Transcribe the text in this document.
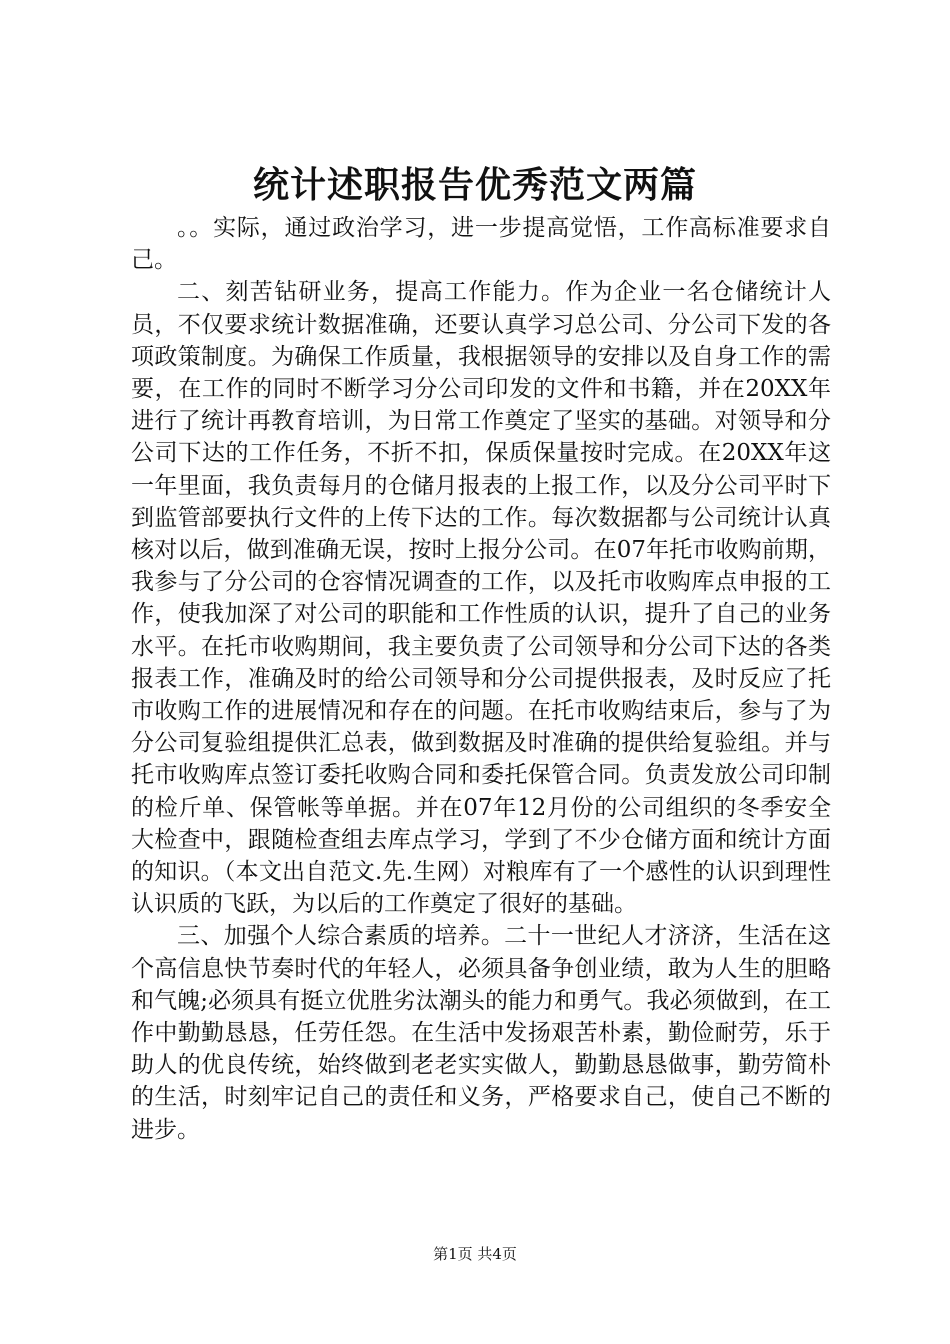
统计述职报告优秀范文两篇

。。实际，通过政治学习，进一步提高觉悟，工作高标准要求自己。

二、刻苦钻研业务，提高工作能力。作为企业一名仓储统计人员，不仅要求统计数据准确，还要认真学习总公司、分公司下发的各项政策制度。为确保工作质量，我根据领导的安排以及自身工作的需要，在工作的同时不断学习分公司印发的文件和书籍，并在20XX年进行了统计再教育培训，为日常工作奠定了坚实的基础。对领导和分公司下达的工作任务，不折不扣，保质保量按时完成。在20XX年这一年里面，我负责每月的仓储月报表的上报工作，以及分公司平时下到监管部要执行文件的上传下达的工作。每次数据都与公司统计认真核对以后，做到准确无误，按时上报分公司。在07年托市收购前期，我参与了分公司的仓容情况调查的工作，以及托市收购库点申报的工作，使我加深了对公司的职能和工作性质的认识，提升了自己的业务水平。在托市收购期间，我主要负责了公司领导和分公司下达的各类报表工作，准确及时的给公司领导和分公司提供报表，及时反应了托市收购工作的进展情况和存在的问题。在托市收购结束后，参与了为分公司复验组提供汇总表，做到数据及时准确的提供给复验组。并与托市收购库点签订委托收购合同和委托保管合同。负责发放公司印制的检斤单、保管帐等单据。并在07年12月份的公司组织的冬季安全大检查中，跟随检查组去库点学习，学到了不少仓储方面和统计方面的知识。（本文出自范文.先.生网）对粮库有了一个感性的认识到理性认识质的飞跃，为以后的工作奠定了很好的基础。

三、加强个人综合素质的培养。二十一世纪人才济济，生活在这个高信息快节奏时代的年轻人，必须具备争创业绩，敢为人生的胆略和气魄;必须具有挺立优胜劣汰潮头的能力和勇气。我必须做到，在工作中勤勤恳恳，任劳任怨。在生活中发扬艰苦朴素，勤俭耐劳，乐于助人的优良传统，始终做到老老实实做人，勤勤恳恳做事，勤劳简朴的生活，时刻牢记自己的责任和义务，严格要求自己，使自己不断的进步。

第1页 共4页
